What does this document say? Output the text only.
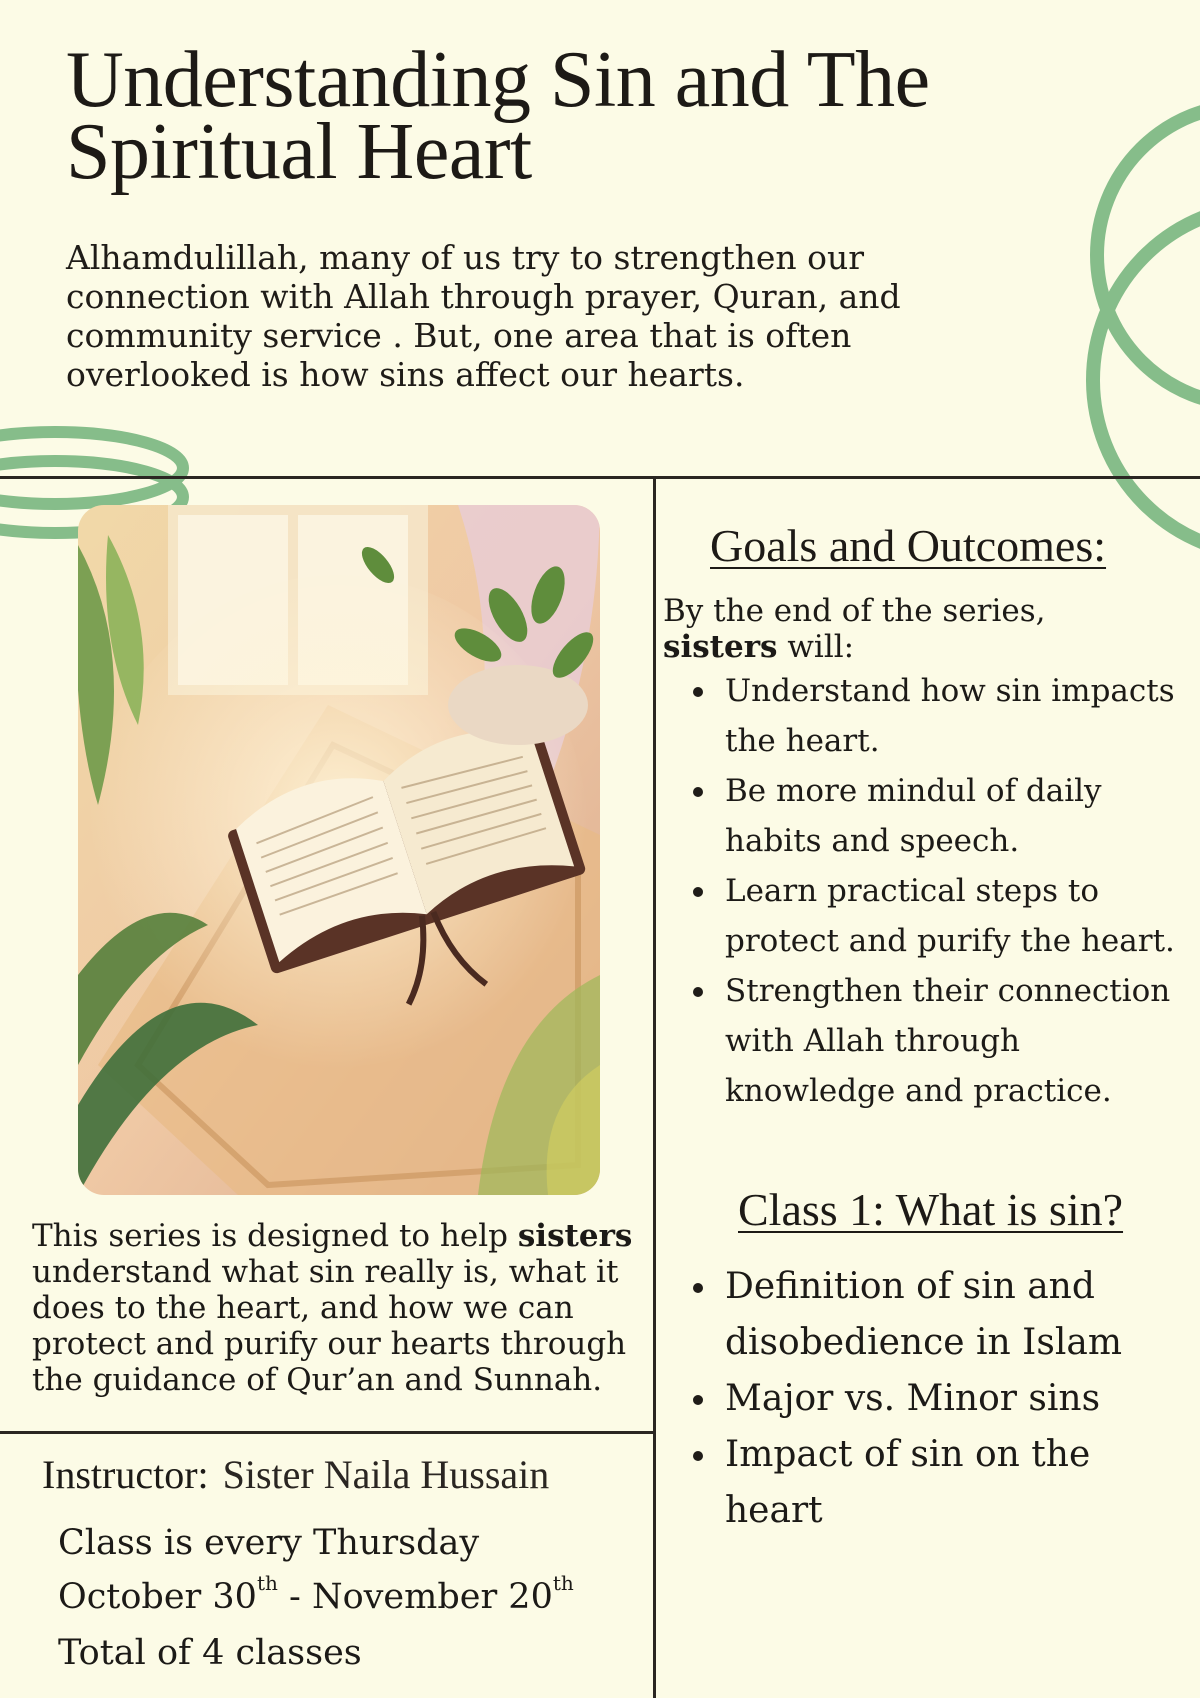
Understanding Sin and The
Spiritual Heart

Alhamdulillah, many of us try to strengthen our connection with Allah through prayer, Quran, and community service . But, one area that is often overlooked is how sins affect our hearts.

Goals and Outcomes:

By the end of the series, sisters will:

Understand how sin impacts the heart.
Be more mindul of daily habits and speech.
Learn practical steps to protect and purify the heart.
Strengthen their connection with Allah through knowledge and practice.
Class 1: What is sin?
Definition of sin and disobedience in Islam
Major vs. Minor sins
Impact of sin on the heart

This series is designed to help sisters understand what sin really is, what it does to the heart, and how we can protect and purify our hearts through the guidance of Qur’an and Sunnah.

Instructor: Sister Naila Hussain
Class is every Thursday
October 30th - November 20th
Total of 4 classes
